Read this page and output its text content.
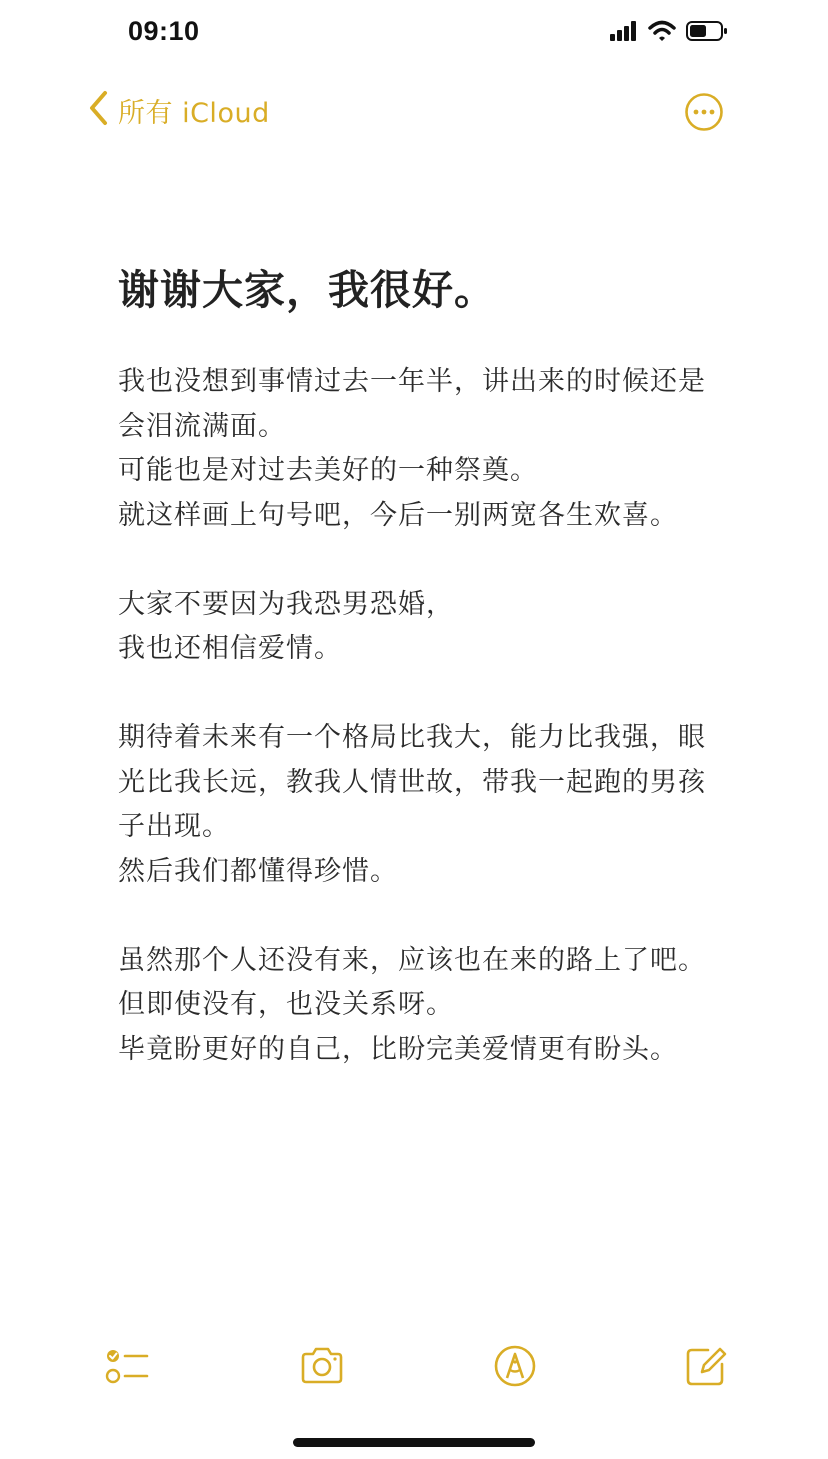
09:10
所有 iCloud
谢谢大家，我很好。

我也没想到事情过去一年半，讲出来的时候还是会泪流满面。
可能也是对过去美好的一种祭奠。
就这样画上句号吧，今后一别两宽各生欢喜。

大家不要因为我恐男恐婚，
我也还相信爱情。

期待着未来有一个格局比我大，能力比我强，眼光比我长远，教我人情世故，带我一起跑的男孩子出现。
然后我们都懂得珍惜。

虽然那个人还没有来，应该也在来的路上了吧。
但即使没有，也没关系呀。
毕竟盼更好的自己，比盼完美爱情更有盼头。
